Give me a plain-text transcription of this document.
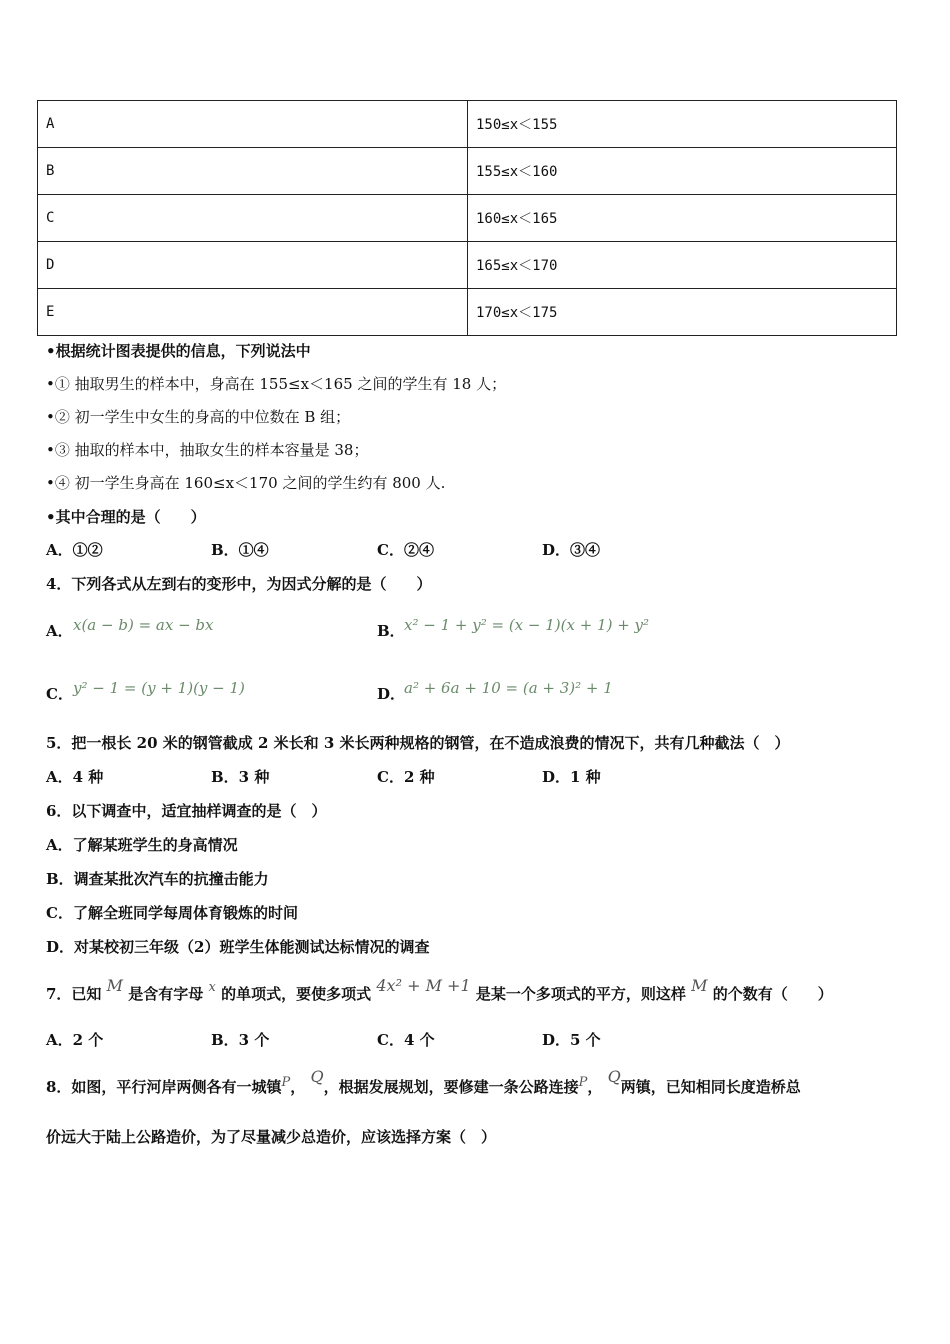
A	150≤x＜155
B	155≤x＜160
C	160≤x＜165
D	165≤x＜170
E	170≤x＜175
•根据统计图表提供的信息，下列说法中
•① 抽取男生的样本中，身高在 155≤x＜165 之间的学生有 18 人；
•② 初一学生中女生的身高的中位数在 B 组；
•③ 抽取的样本中，抽取女生的样本容量是 38；
•④ 初一学生身高在 160≤x＜170 之间的学生约有 800 人.
•其中合理的是（　　）
A．①②	B．①④	C．②④	D．③④
4．下列各式从左到右的变形中，为因式分解的是（　　）
A． x(a − b) = ax − bx	B． x² − 1 + y² = (x − 1)(x + 1) + y²
C． y² − 1 = (y + 1)(y − 1)	D．
a² + 6a + 10 = (a + 3)² + 1
5．把一根长 20 米的钢管截成 2 米长和 3 米长两种规格的钢管，在不造成浪费的情况下，共有几种截法（　）
A．4 种	B．3 种	C．2 种	D．1 种
6．以下调查中，适宜抽样调查的是（　）
A．了解某班学生的身高情况
B．调查某批次汽车的抗撞击能力
C．了解全班同学每周体育锻炼的时间
D．对某校初三年级（2）班学生体能测试达标情况的调查
7．已知 M 是含有字母 x 的单项式，要使多项式 4x² + M +1 是某一个多项式的平方，则这样 M 的个数有（　　）
A．2 个	B．3 个	C．4 个	D．5 个
8．如图，平行河岸两侧各有一城镇P， Q，根据发展规划，要修建一条公路连接P， Q两镇，已知相同长度造桥总
价远大于陆上公路造价，为了尽量减少总造价，应该选择方案（　）
